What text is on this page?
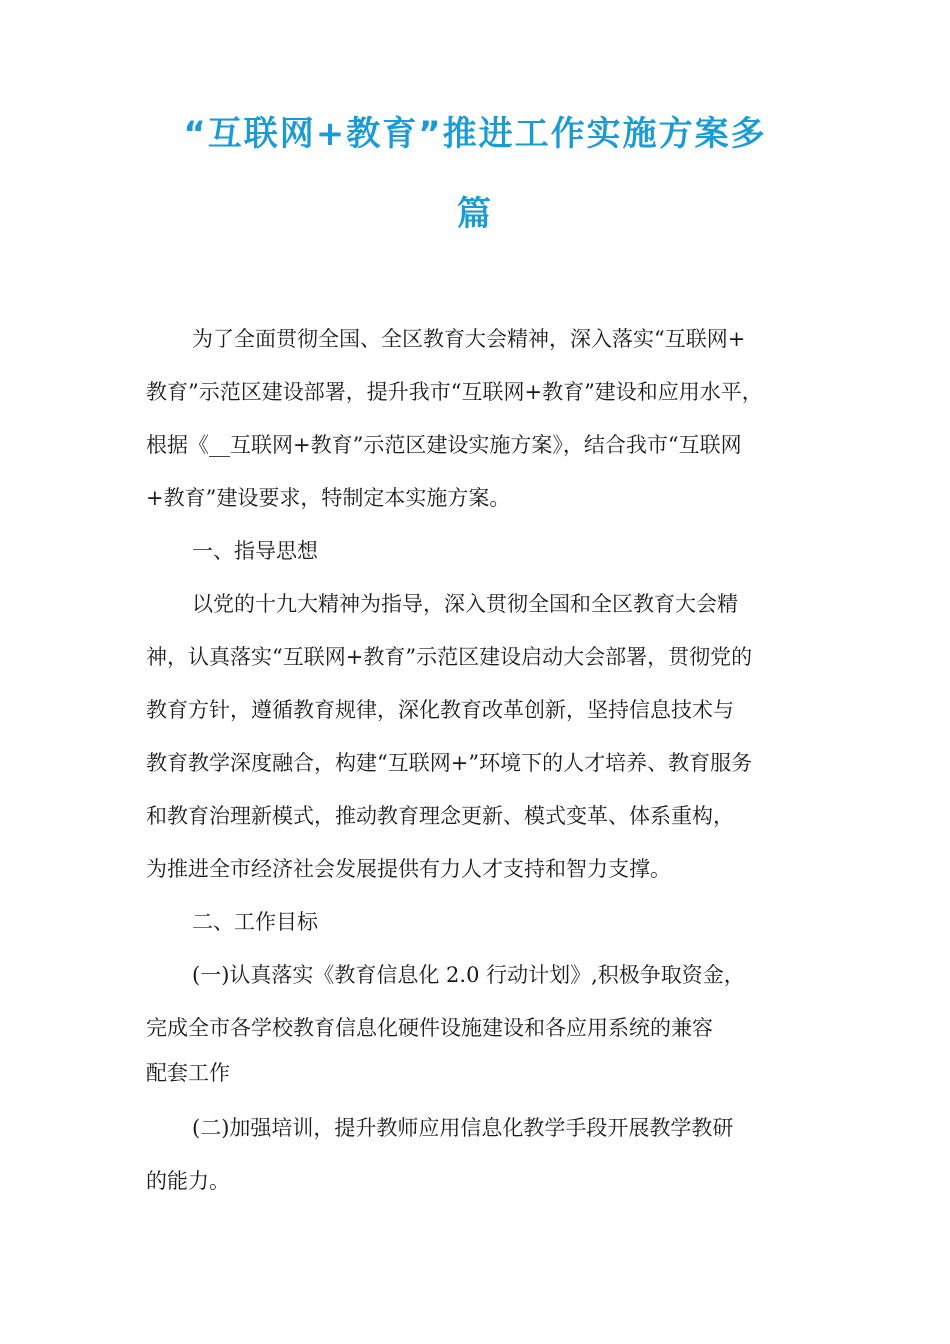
“互联网+教育”推进工作实施方案多
篇

为了全面贯彻全国、全区教育大会精神，深入落实“互联网+

教育”示范区建设部署，提升我市“互联网+教育”建设和应用水平，

根据《__互联网+教育”示范区建设实施方案》，结合我市“互联网

+教育”建设要求，特制定本实施方案。

一、指导思想

以党的十九大精神为指导，深入贯彻全国和全区教育大会精

神，认真落实“互联网+教育”示范区建设启动大会部署，贯彻党的

教育方针，遵循教育规律，深化教育改革创新，坚持信息技术与

教育教学深度融合，构建“互联网+”环境下的人才培养、教育服务

和教育治理新模式，推动教育理念更新、模式变革、体系重构，

为推进全市经济社会发展提供有力人才支持和智力支撑。

二、工作目标

(一)认真落实《教育信息化 2.0 行动计划》,积极争取资金，

完成全市各学校教育信息化硬件设施建设和各应用系统的兼容

配套工作

(二)加强培训，提升教师应用信息化教学手段开展教学教研

的能力。
